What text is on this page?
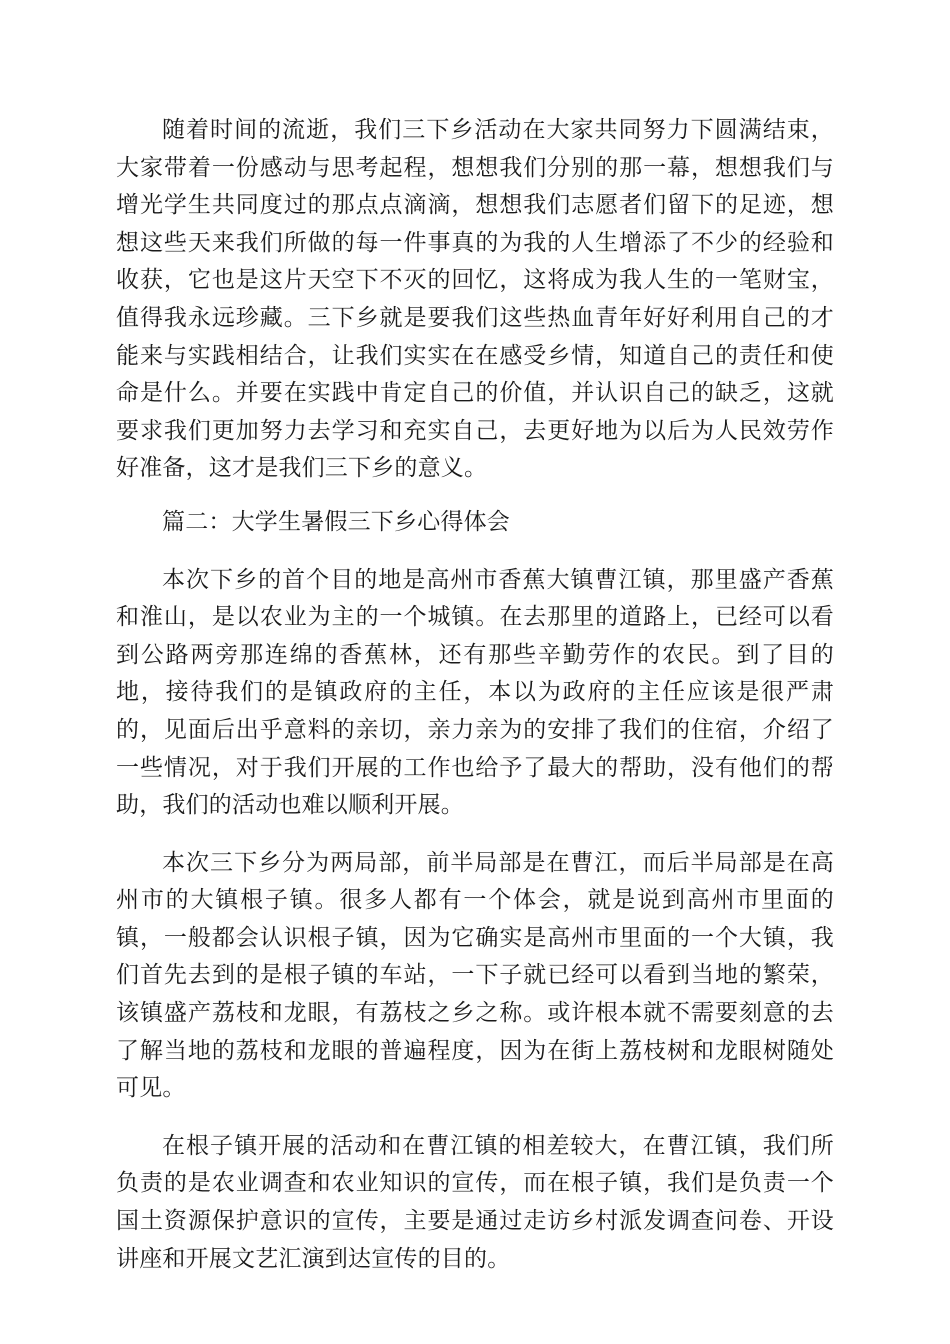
随着时间的流逝，我们三下乡活动在大家共同努力下圆满结束，大家带着一份感动与思考起程，想想我们分别的那一幕，想想我们与增光学生共同度过的那点点滴滴，想想我们志愿者们留下的足迹，想想这些天来我们所做的每一件事真的为我的人生增添了不少的经验和收获，它也是这片天空下不灭的回忆，这将成为我人生的一笔财宝，值得我永远珍藏。三下乡就是要我们这些热血青年好好利用自己的才能来与实践相结合，让我们实实在在感受乡情，知道自己的责任和使命是什么。并要在实践中肯定自己的价值，并认识自己的缺乏，这就要求我们更加努力去学习和充实自己，去更好地为以后为人民效劳作好准备，这才是我们三下乡的意义。

篇二：大学生暑假三下乡心得体会

本次下乡的首个目的地是高州市香蕉大镇曹江镇，那里盛产香蕉和淮山，是以农业为主的一个城镇。在去那里的道路上，已经可以看到公路两旁那连绵的香蕉林，还有那些辛勤劳作的农民。到了目的地，接待我们的是镇政府的主任，本以为政府的主任应该是很严肃的，见面后出乎意料的亲切，亲力亲为的安排了我们的住宿，介绍了一些情况，对于我们开展的工作也给予了最大的帮助，没有他们的帮助，我们的活动也难以顺利开展。

本次三下乡分为两局部，前半局部是在曹江，而后半局部是在高州市的大镇根子镇。很多人都有一个体会，就是说到高州市里面的镇，一般都会认识根子镇，因为它确实是高州市里面的一个大镇，我们首先去到的是根子镇的车站，一下子就已经可以看到当地的繁荣，该镇盛产荔枝和龙眼，有荔枝之乡之称。或许根本就不需要刻意的去了解当地的荔枝和龙眼的普遍程度，因为在街上荔枝树和龙眼树随处可见。

在根子镇开展的活动和在曹江镇的相差较大，在曹江镇，我们所负责的是农业调查和农业知识的宣传，而在根子镇，我们是负责一个国土资源保护意识的宣传，主要是通过走访乡村派发调查问卷、开设讲座和开展文艺汇演到达宣传的目的。
